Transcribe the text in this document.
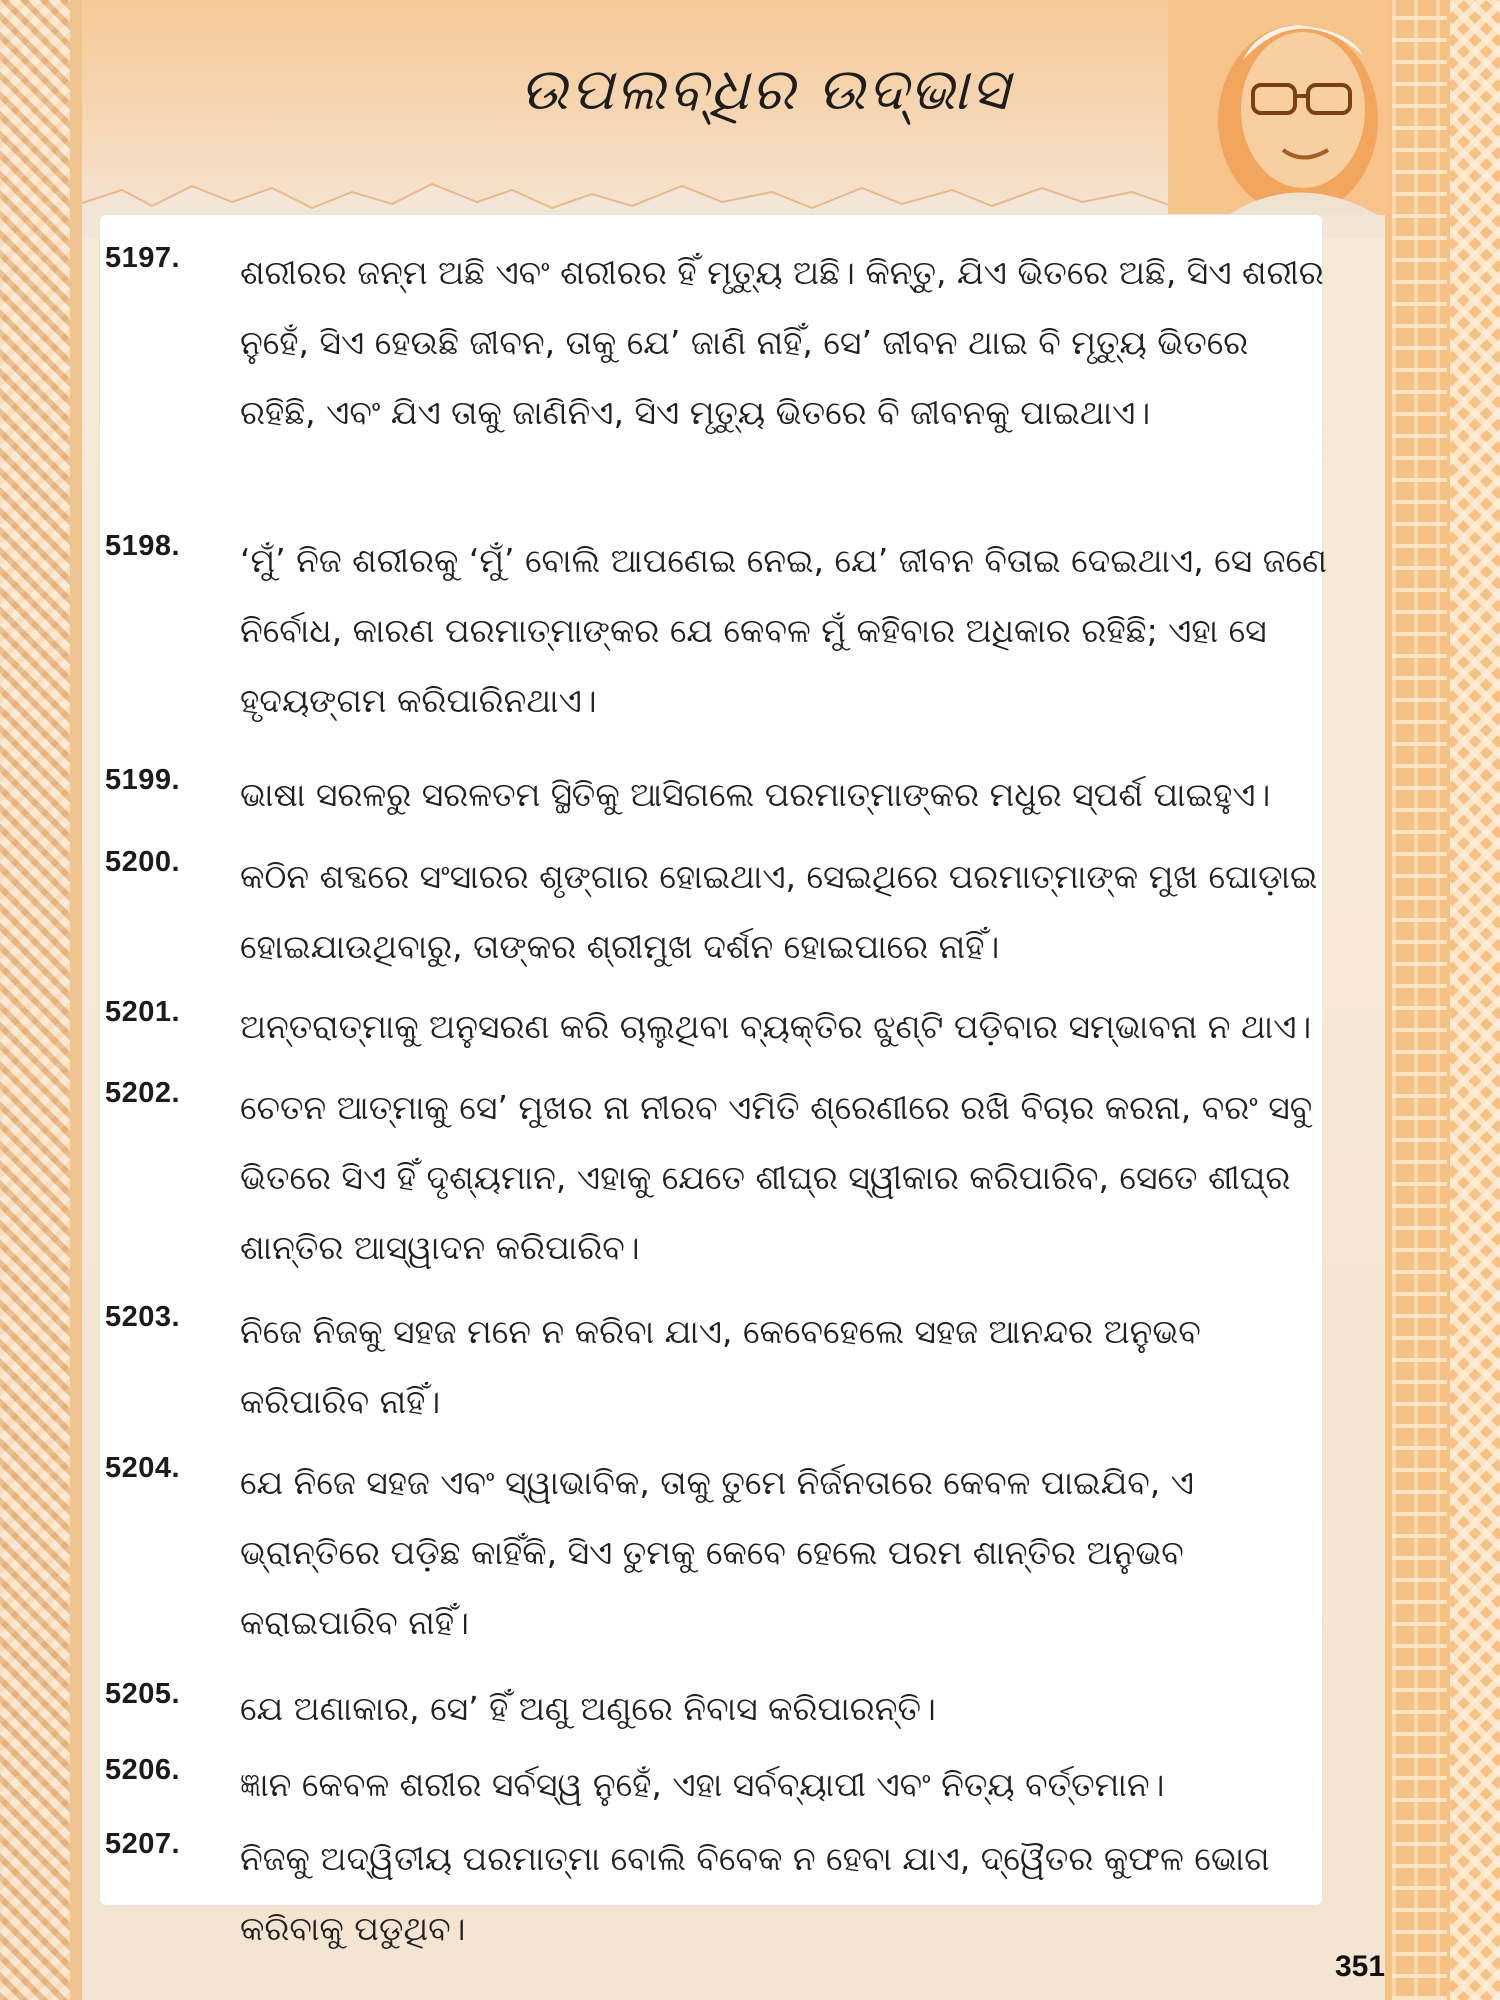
ଉପଲବ୍ଧିର ଉଦ୍‌ଭାସ
5197. ଶରୀରର ଜନ୍ମ ଅଛି ଏବଂ ଶରୀରର ହିଁ ମୃତ୍ୟୁ ଅଛି। କିନ୍ତୁ, ଯିଏ ଭିତରେ ଅଛି, ସିଏ ଶରୀର ନୁହେଁ, ସିଏ ହେଉଛି ଜୀବନ, ତାକୁ ଯେ’ ଜାଣି ନାହିଁ, ସେ’ ଜୀବନ ଥାଇ ବି ମୃତ୍ୟୁ ଭିତରେ ରହିଛି, ଏବଂ ଯିଏ ତାକୁ ଜାଣିନିଏ, ସିଏ ମୃତ୍ୟୁ ଭିତରେ ବି ଜୀବନକୁ ପାଇଥାଏ।
5198. ‘ମୁଁ’ ନିଜ ଶରୀରକୁ ‘ମୁଁ’ ବୋଲି ଆପଣେଇ ନେଇ, ଯେ’ ଜୀବନ ବିତାଇ ଦେଇଥାଏ, ସେ ଜଣେ ନିର୍ବୋଧ, କାରଣ ପରମାତ୍ମାଙ୍କର ଯେ କେବଳ ମୁଁ କହିବାର ଅଧିକାର ରହିଛି; ଏହା ସେ ହୃଦୟଙ୍ଗମ କରିପାରିନଥାଏ।
5199. ଭାଷା ସରଳରୁ ସରଳତମ ସ୍ଥିତିକୁ ଆସିଗଲେ ପରମାତ୍ମାଙ୍କର ମଧୁର ସ୍ପର୍ଶ ପାଇହୁଏ।
5200. କଠିନ ଶବ୍ଦରେ ସଂସାରର ଶୃଙ୍ଗାର ହୋଇଥାଏ, ସେଇଥିରେ ପରମାତ୍ମାଙ୍କ ମୁଖ ଘୋଡ଼ାଇ ହୋଇଯାଉଥିବାରୁ, ତାଙ୍କର ଶ୍ରୀମୁଖ ଦର୍ଶନ ହୋଇପାରେ ନାହିଁ।
5201. ଅନ୍ତରାତ୍ମାକୁ ଅନୁସରଣ କରି ଚାଲୁଥିବା ବ୍ୟକ୍ତିର ଝୁଣ୍ଟି ପଡ଼ିବାର ସମ୍ଭାବନା ନ ଥାଏ।
5202. ଚେତନ ଆତ୍ମାକୁ ସେ’ ମୁଖର ନା ନୀରବ ଏମିତି ଶ୍ରେଣୀରେ ରଖି ବିଚାର କରନା, ବରଂ ସବୁ ଭିତରେ ସିଏ ହିଁ ଦୃଶ୍ୟମାନ, ଏହାକୁ ଯେତେ ଶୀଘ୍ର ସ୍ୱୀକାର କରିପାରିବ, ସେତେ ଶୀଘ୍ର ଶାନ୍ତିର ଆସ୍ୱାଦନ କରିପାରିବ।
5203. ନିଜେ ନିଜକୁ ସହଜ ମନେ ନ କରିବା ଯାଏ, କେବେହେଲେ ସହଜ ଆନନ୍ଦର ଅନୁଭବ କରିପାରିବ ନାହିଁ।
5204. ଯେ ନିଜେ ସହଜ ଏବଂ ସ୍ୱାଭାବିକ, ତାକୁ ତୁମେ ନିର୍ଜନତାରେ କେବଳ ପାଇଯିବ, ଏ ଭ୍ରାନ୍ତିରେ ପଡ଼ିଛ କାହିଁକି, ସିଏ ତୁମକୁ କେବେ ହେଲେ ପରମ ଶାନ୍ତିର ଅନୁଭବ କରାଇପାରିବ ନାହିଁ।
5205. ଯେ ଅଣାକାର, ସେ’ ହିଁ ଅଣୁ ଅଣୁରେ ନିବାସ କରିପାରନ୍ତି।
5206. ଜ୍ଞାନ କେବଳ ଶରୀର ସର୍ବସ୍ୱ ନୁହେଁ, ଏହା ସର୍ବବ୍ୟାପୀ ଏବଂ ନିତ୍ୟ ବର୍ତ୍ତମାନ।
5207. ନିଜକୁ ଅଦ୍ୱିତୀୟ ପରମାତ୍ମା ବୋଲି ବିବେକ ନ ହେବା ଯାଏ, ଦ୍ୱୈତର କୁଫଳ ଭୋଗ କରିବାକୁ ପଡୁଥିବ।
351
